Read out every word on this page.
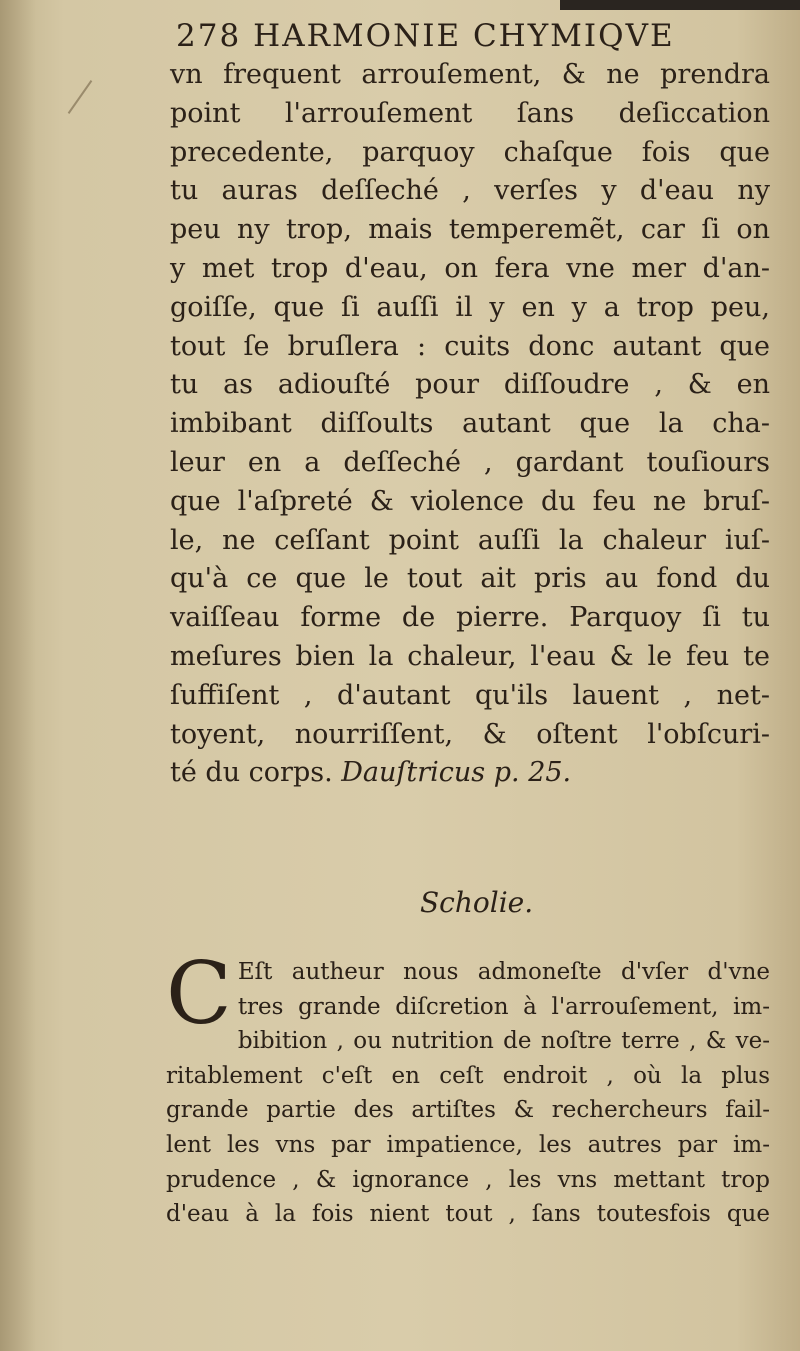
278 HARMONIE CHYMIQVE
vn frequent arrouſement, & ne prendra
point l'arrouſement ſans deſiccation
precedente, parquoy chaſque fois que
tu auras deſſeché , verſes y d'eau ny
peu ny trop, mais temperemẽt, car ſi on
y met trop d'eau, on fera vne mer d'an-
goiſſe, que ſi auſſi il y en y a trop peu,
tout ſe bruſlera : cuits donc autant que
tu as adiouſté pour diſſoudre , & en
imbibant diſſoults autant que la cha-
leur en a deſſeché , gardant touſiours
que l'aſpreté & violence du feu ne bruſ-
le, ne ceſſant point auſſi la chaleur iuſ-
qu'à ce que le tout ait pris au fond du
vaiſſeau forme de pierre. Parquoy ſi tu
meſures bien la chaleur, l'eau & le feu te
ſuffiſent , d'autant qu'ils lauent , net-
toyent, nourriſſent, & oſtent l'obſcuri-
té du corps. Dauſtricus p. 25.
Scholie.
C Eſt autheur nous admoneſte d'vſer d'vne
tres grande diſcretion à l'arrouſement, im-
bibition , ou nutrition de noſtre terre , & ve-
ritablement c'eſt en ceſt endroit , où la plus
grande partie des artiſtes & rechercheurs fail-
lent les vns par impatience, les autres par im-
prudence , & ignorance , les vns mettant trop
d'eau à la fois nient tout , ſans toutesfois que
